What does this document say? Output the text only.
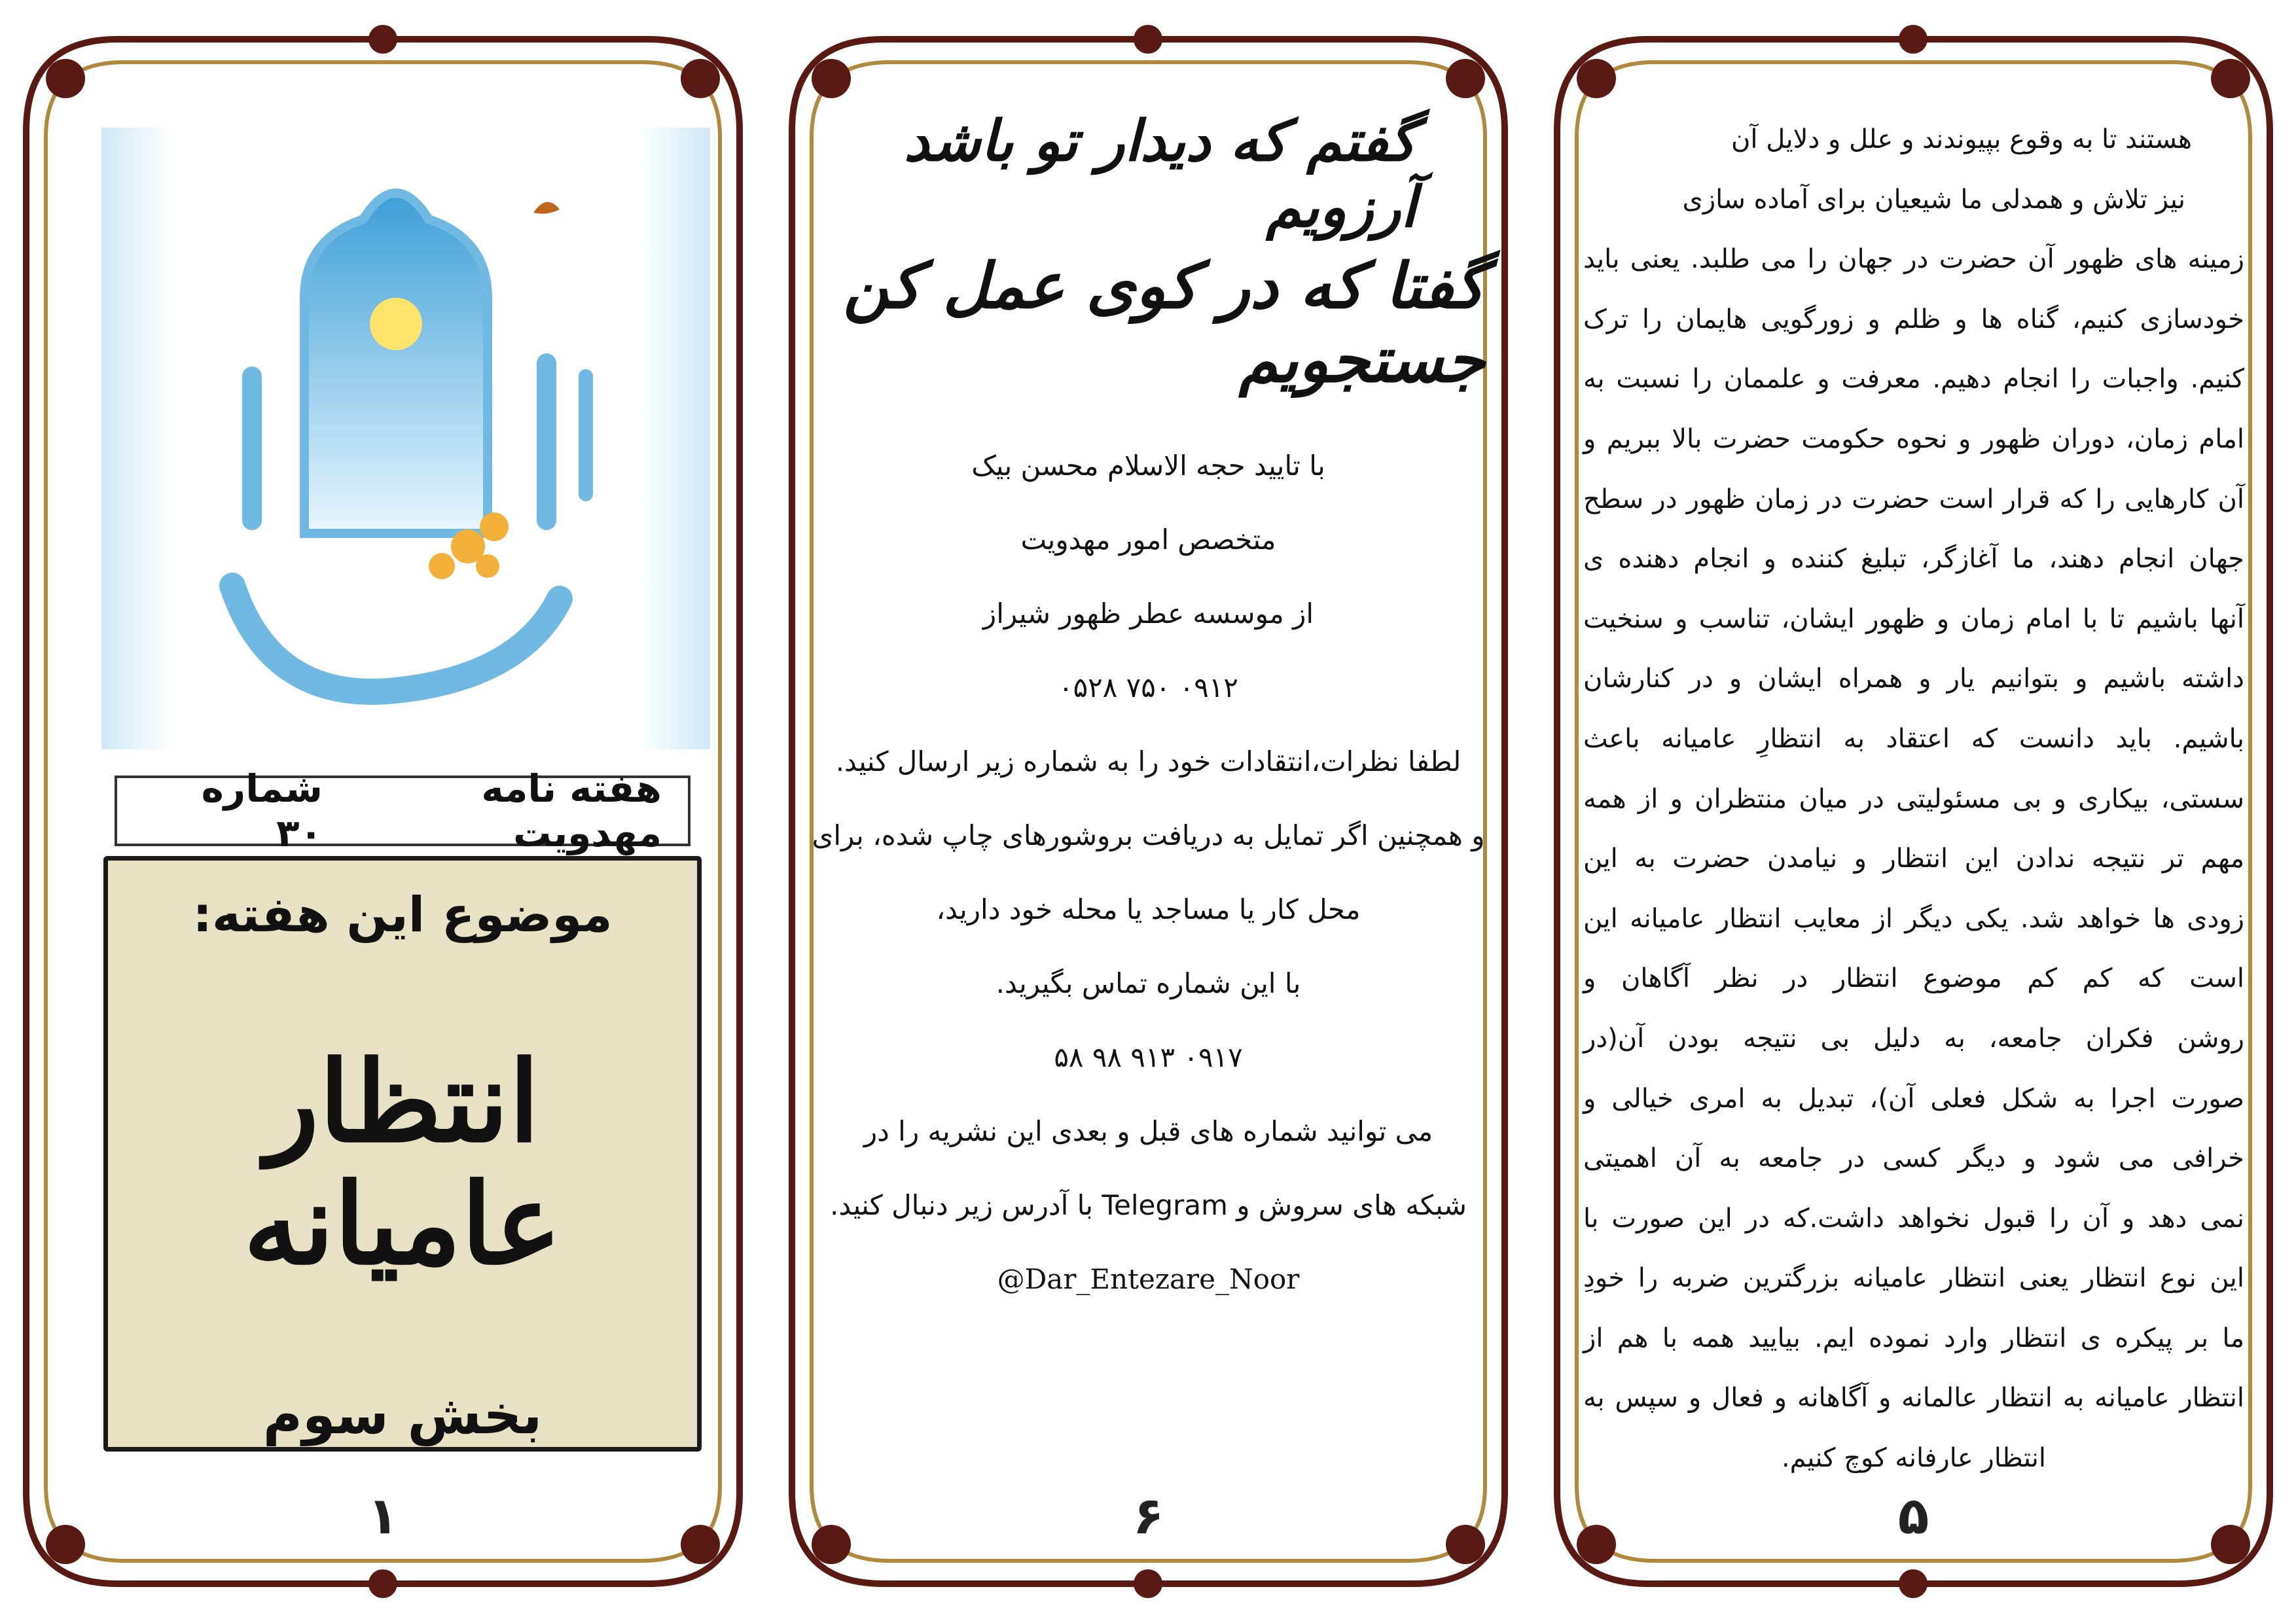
هفته نامه مهدویت
شماره ۳۰
موضوع این هفته:
انتظار عامیانه
بخش سوم
۱
گفتم که دیدار تو باشد آرزویم
گفتا که در کوی عمل کن جستجویم
با تایید حجه الاسلام محسن بیک
متخصص امور مهدویت
از موسسه عطر ظهور شیراز
۰۹۱۲ ۷۵۰ ۰۵۲۸
لطفا نظرات،انتقادات خود را به شماره زیر ارسال کنید.
و همچنین اگر تمایل به دریافت بروشورهای چاپ شده، برای
محل کار یا مساجد یا محله خود دارید،
با این شماره تماس بگیرید.
۰۹۱۷ ۹۱۳ ۹۸ ۵۸
می توانید شماره های قبل و بعدی این نشریه را در
شبکه های سروش و Telegram با آدرس زیر دنبال کنید.
@Dar_Entezare_Noor
۶
هستند تا به وقوع بپیوندند و علل و دلایل آن
نیز تلاش و همدلی ما شیعیان برای آماده سازی
زمینه های ظهور آن حضرت در جهان را می طلبد. یعنی باید
خودسازی کنیم، گناه ها و ظلم و زورگویی هایمان را ترک
کنیم. واجبات را انجام دهیم. معرفت و علممان را نسبت به
امام زمان، دوران ظهور و نحوه حکومت حضرت بالا ببریم و
آن کارهایی را که قرار است حضرت در زمان ظهور در سطح
جهان انجام دهند، ما آغازگر، تبلیغ کننده و انجام دهنده ی
آنها باشیم تا با امام زمان و ظهور ایشان، تناسب و سنخیت
داشته باشیم و بتوانیم یار و همراه ایشان و در کنارشان
باشیم. باید دانست که اعتقاد به انتظارِ عامیانه باعث
سستی، بیکاری و بی مسئولیتی در میان منتظران و از همه
مهم تر نتیجه ندادن این انتظار و نیامدن حضرت به این
زودی ها خواهد شد. یکی دیگر از معایب انتظار عامیانه این
است که کم کم موضوع انتظار در نظر آگاهان و
روشن فکران جامعه، به دلیل بی نتیجه بودن آن(در
صورت اجرا به شکل فعلی آن)، تبدیل به امری خیالی و
خرافی می شود و دیگر کسی در جامعه به آن اهمیتی
نمی دهد و آن را قبول نخواهد داشت.که در این صورت با
این نوع انتظار یعنی انتظار عامیانه بزرگترین ضربه را خودِ
ما بر پیکره ی انتظار وارد نموده ایم. بیایید همه با هم از
انتظار عامیانه به انتظار عالمانه و آگاهانه و فعال و سپس به
انتظار عارفانه کوچ کنیم.
۵
